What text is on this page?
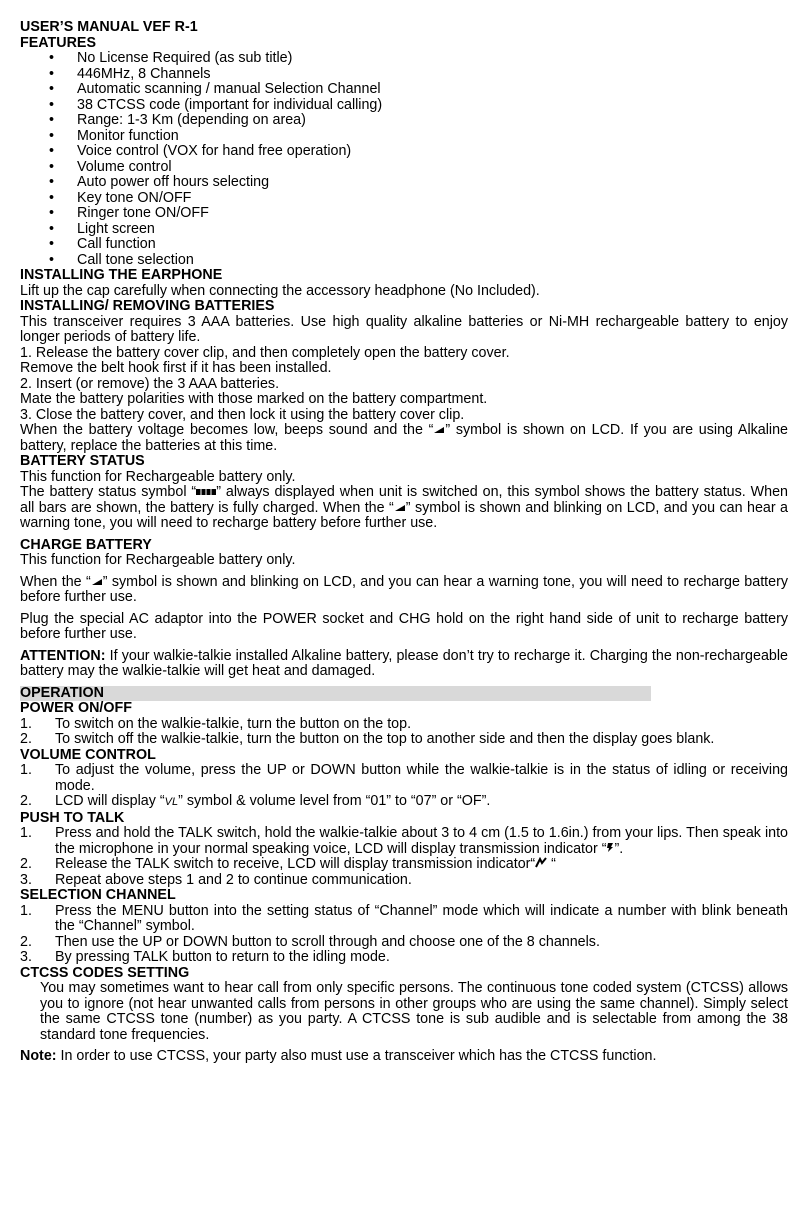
USER’S MANUAL VEF R-1

FEATURES

• No License Required (as sub title)
• 446MHz, 8 Channels
• Automatic scanning / manual Selection Channel
• 38 CTCSS code (important for individual calling)
• Range: 1-3 Km (depending on area)
• Monitor function
• Voice control (VOX for hand free operation)
• Volume control
• Auto power off hours selecting
• Key tone ON/OFF
• Ringer tone ON/OFF
• Light screen
• Call function
• Call tone selection

INSTALLING THE EARPHONE

Lift up the cap carefully when connecting the accessory headphone (No Included).

INSTALLING/ REMOVING BATTERIES

This transceiver requires 3 AAA batteries. Use high quality alkaline batteries or Ni-MH rechargeable battery to enjoy longer periods of battery life.

1. Release the battery cover clip, and then completely open the battery cover.

Remove the belt hook first if it has been installed.

2. Insert (or remove) the 3 AAA batteries.

Mate the battery polarities with those marked on the battery compartment.

3. Close the battery cover, and then lock it using the battery cover clip.

When the battery voltage becomes low, beeps sound and the “ ” symbol is shown on LCD. If you are using Alkaline battery, replace the batteries at this time.

BATTERY STATUS

This function for Rechargeable battery only.

The battery status symbol “ ” always displayed when unit is switched on, this symbol shows the battery status. When all bars are shown, the battery is fully charged. When the “ ” symbol is shown and blinking on LCD, and you can hear a warning tone, you will need to recharge battery before further use.

CHARGE BATTERY

This function for Rechargeable battery only.

When the “ ” symbol is shown and blinking on LCD, and you can hear a warning tone, you will need to recharge battery before further use.

Plug the special AC adaptor into the POWER socket and CHG hold on the right hand side of unit to recharge battery before further use.

ATTENTION: If your walkie-talkie installed Alkaline battery, please don’t try to recharge it. Charging the non-rechargeable battery may the walkie-talkie will get heat and damaged.

OPERATION

POWER ON/OFF

1. To switch on the walkie-talkie, turn the button on the top.
2. To switch off the walkie-talkie, turn the button on the top to another side and then the display goes blank.

VOLUME CONTROL

1. To adjust the volume, press the UP or DOWN button while the walkie-talkie is in the status of idling or receiving mode.
2. LCD will display “VL” symbol & volume level from “01” to “07” or “OF”.

PUSH TO TALK

1. Press and hold the TALK switch, hold the walkie-talkie about 3 to 4 cm (1.5 to 1.6in.) from your lips. Then speak into the microphone in your normal speaking voice, LCD will display transmission indicator “ ”.
2. Release the TALK switch to receive, LCD will display transmission indicator“ “
3. Repeat above steps 1 and 2 to continue communication.

SELECTION CHANNEL

1. Press the MENU button into the setting status of “Channel” mode which will indicate a number with blink beneath the “Channel” symbol.
2. Then use the UP or DOWN button to scroll through and choose one of the 8 channels.
3. By pressing TALK button to return to the idling mode.

CTCSS CODES SETTING

You may sometimes want to hear call from only specific persons. The continuous tone coded system (CTCSS) allows you to ignore (not hear unwanted calls from persons in other groups who are using the same channel). Simply select the same CTCSS tone (number) as you party. A CTCSS tone is sub audible and is selectable from among the 38 standard tone frequencies.

Note: In order to use CTCSS, your party also must use a transceiver which has the CTCSS function.
